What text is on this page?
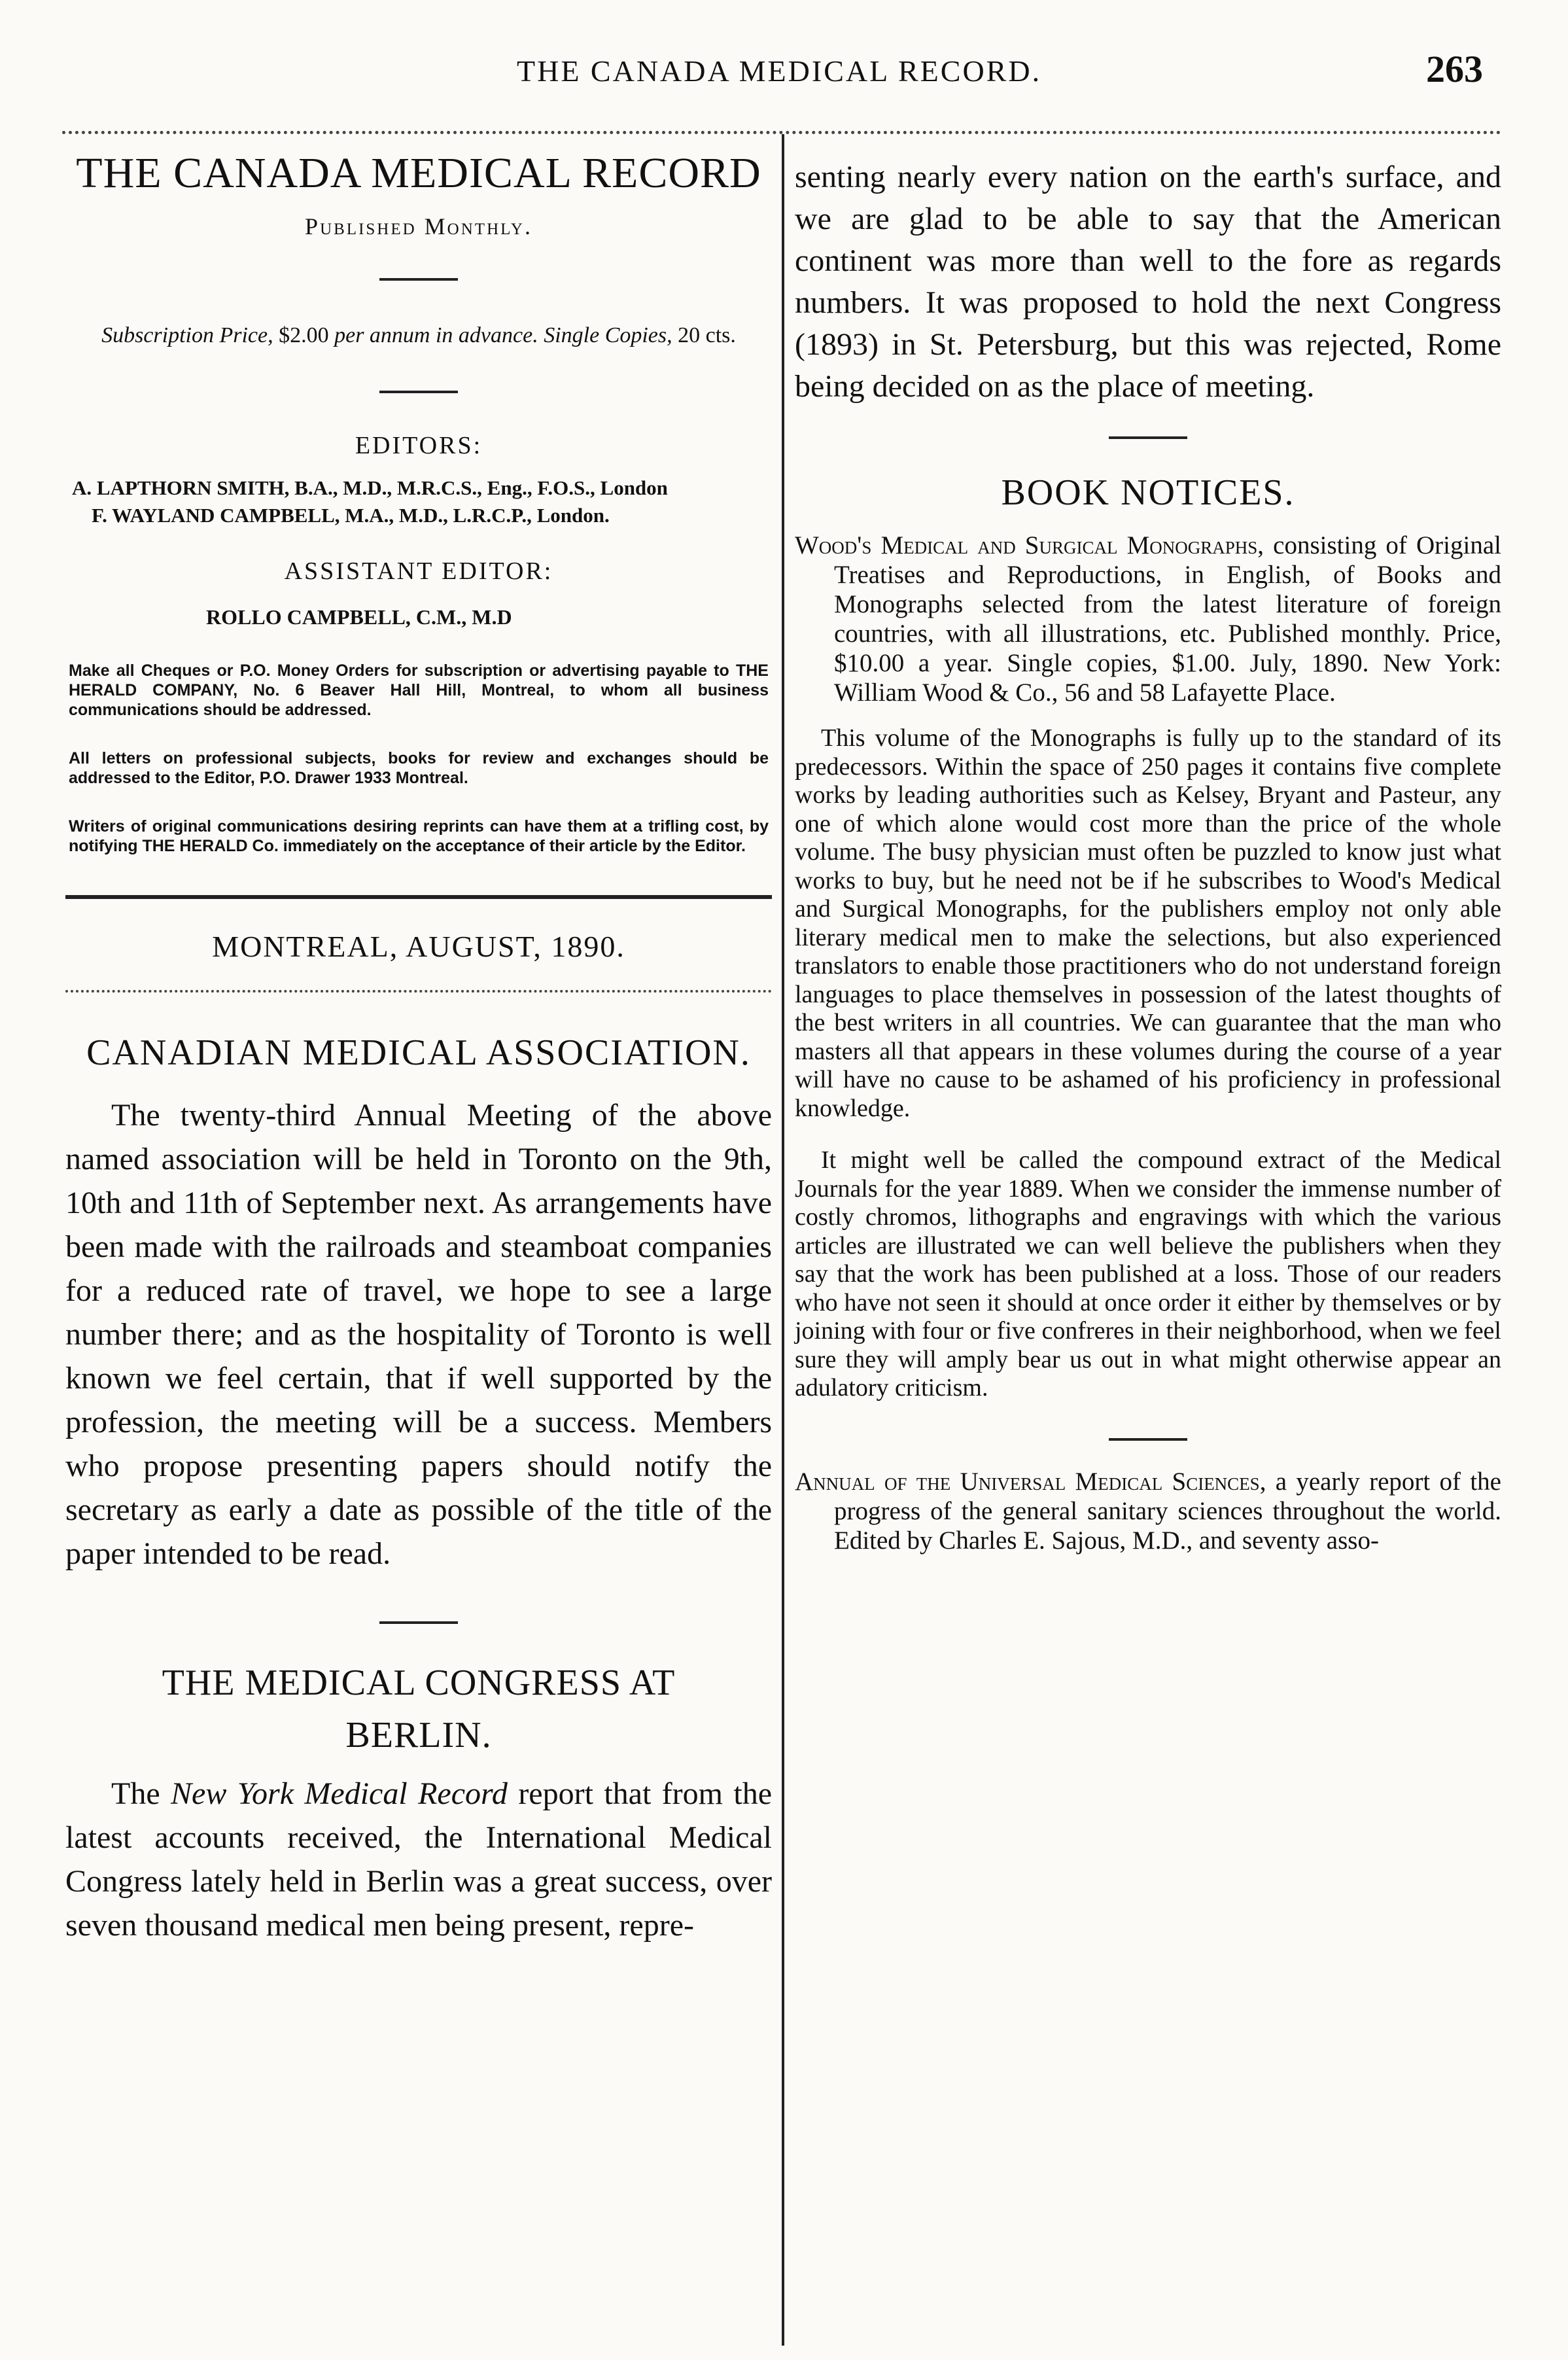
THE CANADA MEDICAL RECORD.	263
THE CANADA MEDICAL RECORD
Published Monthly.
Subscription Price, $2.00 per annum in advance. Single Copies, 20 cts.
EDITORS:
A. LAPTHORN SMITH, B.A., M.D., M.R.C.S., Eng., F.O.S., London
F. WAYLAND CAMPBELL, M.A., M.D., L.R.C.P., London.
ASSISTANT EDITOR:
ROLLO CAMPBELL, C.M., M.D
Make all Cheques or P.O. Money Orders for subscription or advertising payable to THE HERALD COMPANY, No. 6 Beaver Hall Hill, Montreal, to whom all business communications should be addressed.
All letters on professional subjects, books for review and exchanges should be addressed to the Editor, P.O. Drawer 1933 Montreal.
Writers of original communications desiring reprints can have them at a trifling cost, by notifying THE HERALD Co. immediately on the acceptance of their article by the Editor.
MONTREAL, AUGUST, 1890.
CANADIAN MEDICAL ASSOCIATION.
The twenty-third Annual Meeting of the above named association will be held in Toronto on the 9th, 10th and 11th of September next. As arrangements have been made with the railroads and steamboat companies for a reduced rate of travel, we hope to see a large number there; and as the hospitality of Toronto is well known we feel certain, that if well supported by the profession, the meeting will be a success. Members who propose presenting papers should notify the secretary as early a date as possible of the title of the paper intended to be read.
THE MEDICAL CONGRESS AT
BERLIN.
The New York Medical Record report that from the latest accounts received, the International Medical Congress lately held in Berlin was a great success, over seven thousand medical men being present, repre-
senting nearly every nation on the earth's surface, and we are glad to be able to say that the American continent was more than well to the fore as regards numbers. It was proposed to hold the next Congress (1893) in St. Petersburg, but this was rejected, Rome being decided on as the place of meeting.
BOOK NOTICES.
Wood's Medical and Surgical Monographs, consisting of Original Treatises and Reproductions, in English, of Books and Monographs selected from the latest literature of foreign countries, with all illustrations, etc. Published monthly. Price, $10.00 a year. Single copies, $1.00. July, 1890. New York: William Wood & Co., 56 and 58 Lafayette Place.
This volume of the Monographs is fully up to the standard of its predecessors. Within the space of 250 pages it contains five complete works by leading authorities such as Kelsey, Bryant and Pasteur, any one of which alone would cost more than the price of the whole volume. The busy physician must often be puzzled to know just what works to buy, but he need not be if he subscribes to Wood's Medical and Surgical Monographs, for the publishers employ not only able literary medical men to make the selections, but also experienced translators to enable those practitioners who do not understand foreign languages to place themselves in possession of the latest thoughts of the best writers in all countries. We can guarantee that the man who masters all that appears in these volumes during the course of a year will have no cause to be ashamed of his proficiency in professional knowledge.
It might well be called the compound extract of the Medical Journals for the year 1889. When we consider the immense number of costly chromos, lithographs and engravings with which the various articles are illustrated we can well believe the publishers when they say that the work has been published at a loss. Those of our readers who have not seen it should at once order it either by themselves or by joining with four or five confreres in their neighborhood, when we feel sure they will amply bear us out in what might otherwise appear an adulatory criticism.
Annual of the Universal Medical Sciences, a yearly report of the progress of the general sanitary sciences throughout the world. Edited by Charles E. Sajous, M.D., and seventy asso-
